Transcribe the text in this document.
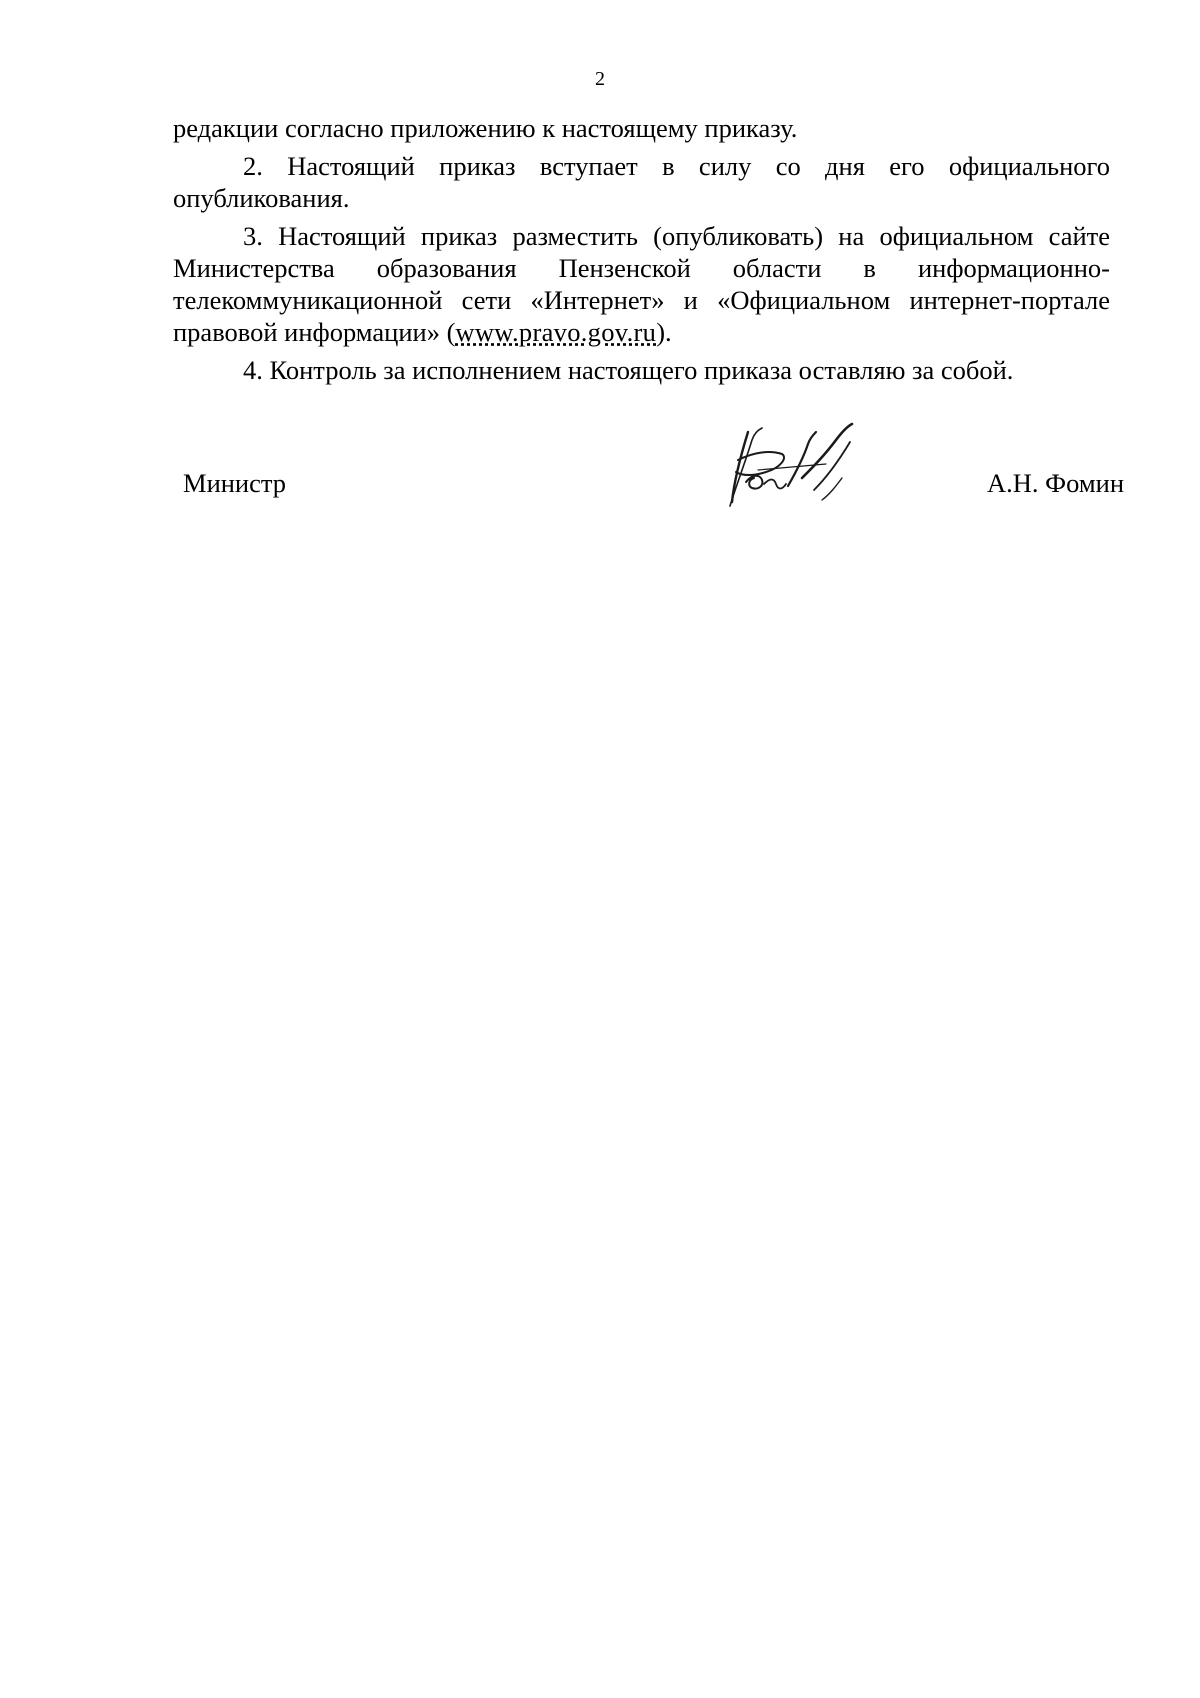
2

редакции согласно приложению к настоящему приказу.

2. Настоящий приказ вступает в силу со дня его официального опубликования.

3. Настоящий приказ разместить (опубликовать) на официальном сайте Министерства образования Пензенской области в информационно-телекоммуникационной сети «Интернет» и «Официальном интернет-портале правовой информации» (www.pravo.gov.ru).

4. Контроль за исполнением настоящего приказа оставляю за собой.

Министр	А.Н. Фомин
